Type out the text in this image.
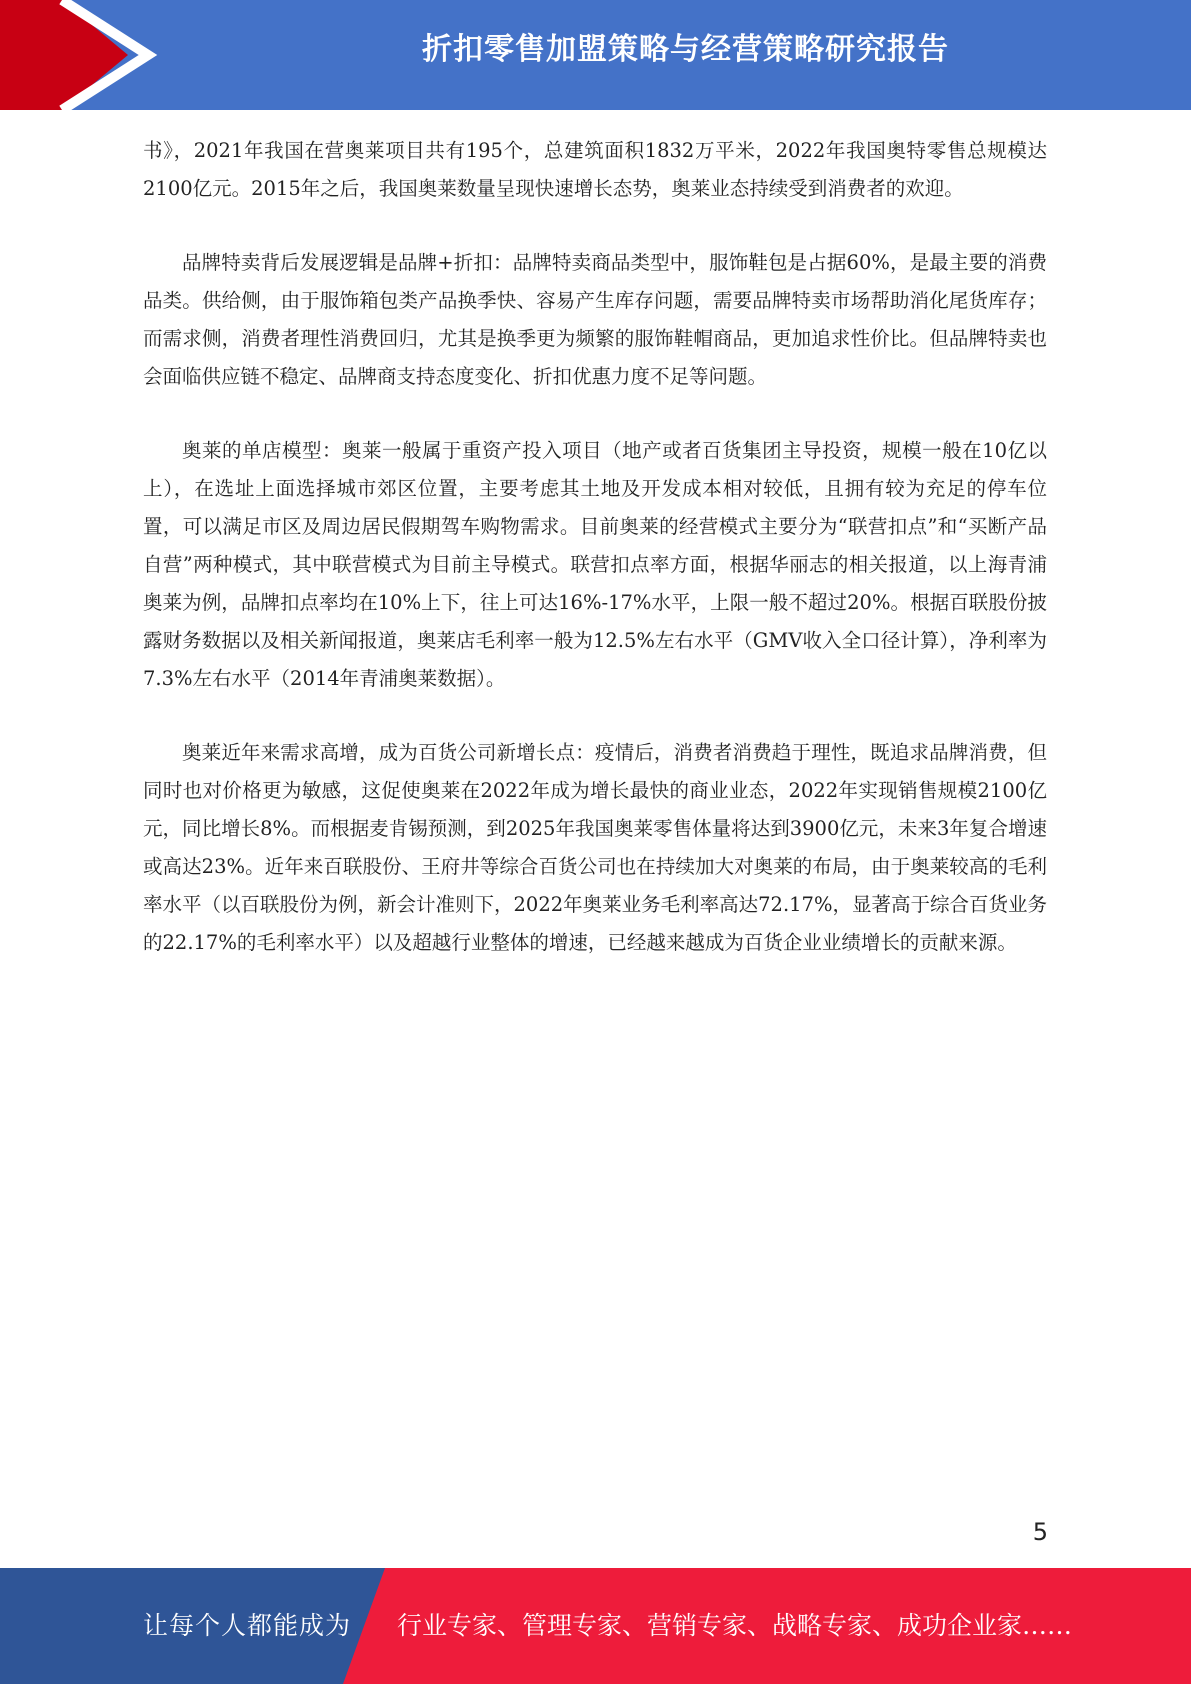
折扣零售加盟策略与经营策略研究报告

书》，2021年我国在营奥莱项目共有195个，总建筑面积1832万平米，2022年我国奥特零售总规模达2100亿元。2015年之后，我国奥莱数量呈现快速增长态势，奥莱业态持续受到消费者的欢迎。

品牌特卖背后发展逻辑是品牌+折扣：品牌特卖商品类型中，服饰鞋包是占据60%，是最主要的消费品类。供给侧，由于服饰箱包类产品换季快、容易产生库存问题，需要品牌特卖市场帮助消化尾货库存；而需求侧，消费者理性消费回归，尤其是换季更为频繁的服饰鞋帽商品，更加追求性价比。但品牌特卖也会面临供应链不稳定、品牌商支持态度变化、折扣优惠力度不足等问题。

奥莱的单店模型：奥莱一般属于重资产投入项目（地产或者百货集团主导投资，规模一般在10亿以上），在选址上面选择城市郊区位置，主要考虑其土地及开发成本相对较低，且拥有较为充足的停车位置，可以满足市区及周边居民假期驾车购物需求。目前奥莱的经营模式主要分为“联营扣点”和“买断产品自营”两种模式，其中联营模式为目前主导模式。联营扣点率方面，根据华丽志的相关报道，以上海青浦奥莱为例，品牌扣点率均在10%上下，往上可达16%-17%水平，上限一般不超过20%。根据百联股份披露财务数据以及相关新闻报道，奥莱店毛利率一般为12.5%左右水平（GMV收入全口径计算），净利率为7.3%左右水平（2014年青浦奥莱数据）。

奥莱近年来需求高增，成为百货公司新增长点：疫情后，消费者消费趋于理性，既追求品牌消费，但同时也对价格更为敏感，这促使奥莱在2022年成为增长最快的商业业态，2022年实现销售规模2100亿元，同比增长8%。而根据麦肯锡预测，到2025年我国奥莱零售体量将达到3900亿元，未来3年复合增速或高达23%。近年来百联股份、王府井等综合百货公司也在持续加大对奥莱的布局，由于奥莱较高的毛利率水平（以百联股份为例，新会计准则下，2022年奥莱业务毛利率高达72.17%，显著高于综合百货业务的22.17%的毛利率水平）以及超越行业整体的增速，已经越来越成为百货企业业绩增长的贡献来源。

5
让每个人都能成为 行业专家、管理专家、营销专家、战略专家、成功企业家……
